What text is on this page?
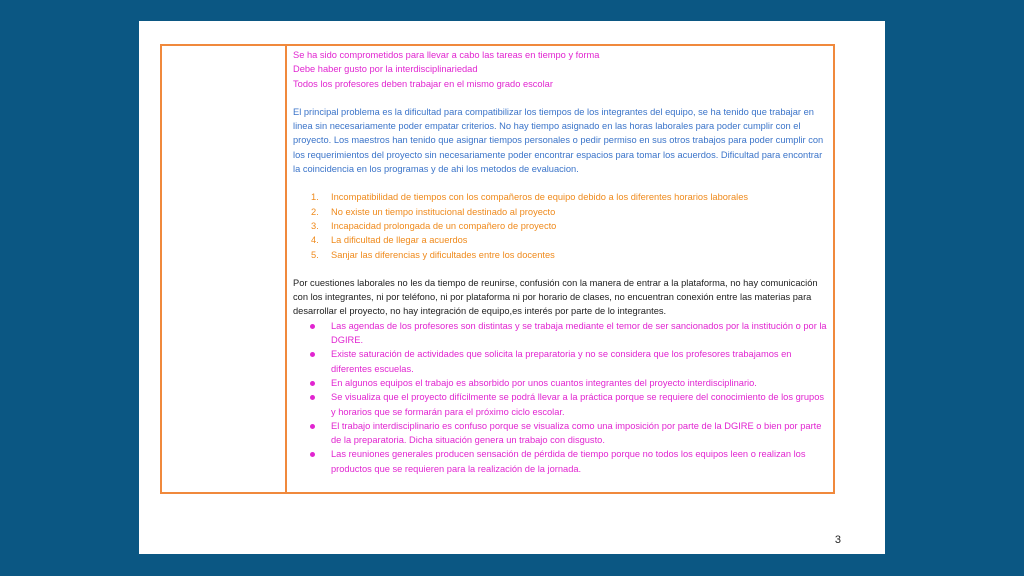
Se ha sido comprometidos para llevar a cabo las tareas en tiempo y forma
Debe haber gusto por la interdisciplinariedad
Todos los profesores deben trabajar en el mismo grado escolar

El principal problema es la dificultad para compatibilizar los tiempos de los integrantes del equipo, se ha tenido que trabajar en linea sin necesariamente poder empatar criterios. No hay tiempo asignado en las horas laborales para poder cumplir con el proyecto. Los maestros han tenido que asignar tiempos personales o pedir permiso en sus otros trabajos para poder cumplir con los requerimientos del proyecto sin necesariamente poder encontrar espacios para tomar los acuerdos. Dificultad para encontrar la coincidencia en los programas y de ahi los metodos de evaluacion.

1. Incompatibilidad de tiempos con los compañeros de equipo debido a los diferentes horarios laborales
2. No existe un tiempo institucional destinado al proyecto
3. Incapacidad prolongada de un compañero de proyecto
4. La dificultad de llegar a acuerdos
5. Sanjar las diferencias y dificultades entre los docentes

Por cuestiones laborales no les da tiempo de reunirse, confusión con la manera de entrar a la plataforma, no hay comunicación con los integrantes, ni por teléfono, ni por plataforma ni por horario de clases, no encuentran conexión entre las materias para desarrollar el proyecto, no hay integración de equipo,es interés por parte de lo integrantes.

Las agendas de los profesores son distintas y se trabaja mediante el temor de ser sancionados por la institución o por la DGIRE.
Existe saturación de actividades que solicita la preparatoria y no se considera que los profesores trabajamos en diferentes escuelas.
En algunos equipos el trabajo es absorbido por unos cuantos integrantes del proyecto interdisciplinario.
Se visualiza que el proyecto difícilmente se podrá llevar a la práctica porque se requiere del conocimiento de los grupos y horarios que se formarán para el próximo ciclo escolar.
El trabajo interdisciplinario es confuso porque se visualiza como una imposición por parte de la DGIRE o bien por parte de la preparatoria. Dicha situación genera un trabajo con disgusto.
Las reuniones generales producen sensación de pérdida de tiempo porque no todos los equipos leen o realizan los productos que se requieren para la realización de la jornada.
3
